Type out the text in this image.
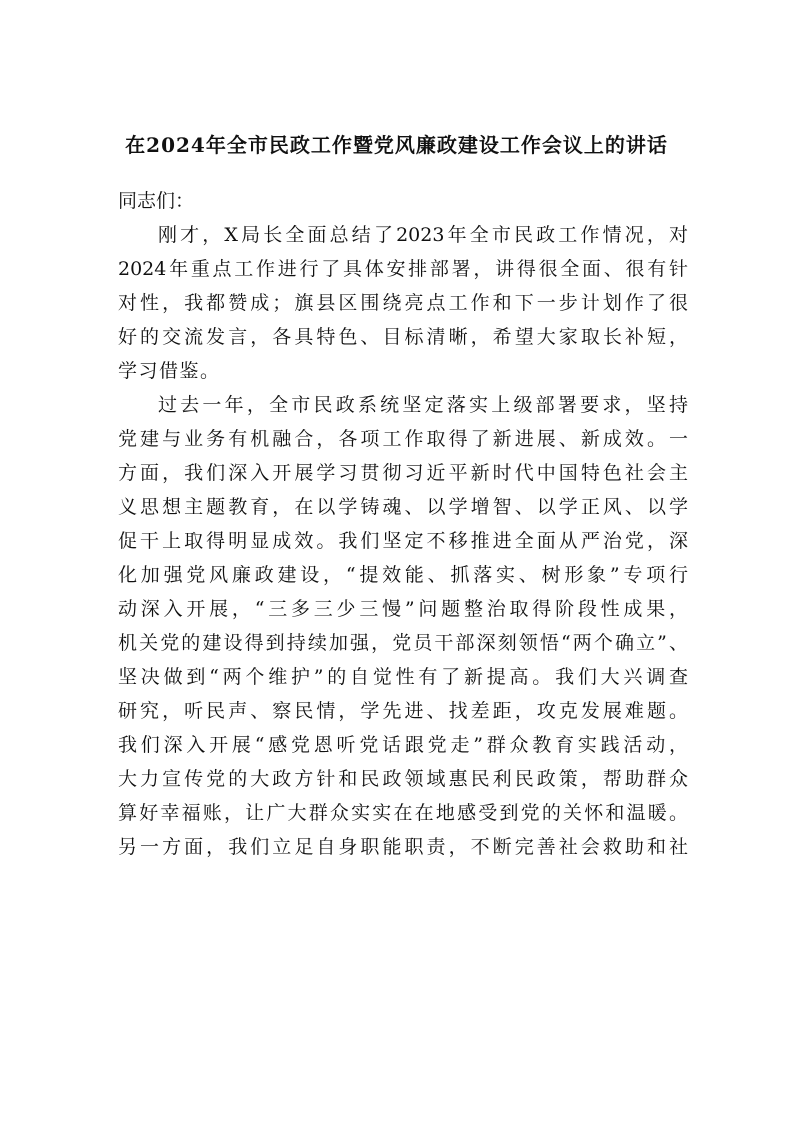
在2024年全市民政工作暨党风廉政建设工作会议上的讲话

同志们：

刚才，X局长全面总结了2023年全市民政工作情况，对
2024年重点工作进行了具体安排部署，讲得很全面、很有针
对性，我都赞成；旗县区围绕亮点工作和下一步计划作了很
好的交流发言，各具特色、目标清晰，希望大家取长补短，
学习借鉴。
过去一年，全市民政系统坚定落实上级部署要求，坚持
党建与业务有机融合，各项工作取得了新进展、新成效。一
方面，我们深入开展学习贯彻习近平新时代中国特色社会主
义思想主题教育，在以学铸魂、以学增智、以学正风、以学
促干上取得明显成效。我们坚定不移推进全面从严治党，深
化加强党风廉政建设，“提效能、抓落实、树形象”专项行
动深入开展，“三多三少三慢”问题整治取得阶段性成果，
机关党的建设得到持续加强，党员干部深刻领悟“两个确立”、
坚决做到“两个维护”的自觉性有了新提高。我们大兴调查
研究，听民声、察民情，学先进、找差距，攻克发展难题。
我们深入开展“感党恩听党话跟党走”群众教育实践活动，
大力宣传党的大政方针和民政领域惠民利民政策，帮助群众
算好幸福账，让广大群众实实在在地感受到党的关怀和温暖。
另一方面，我们立足自身职能职责，不断完善社会救助和社
